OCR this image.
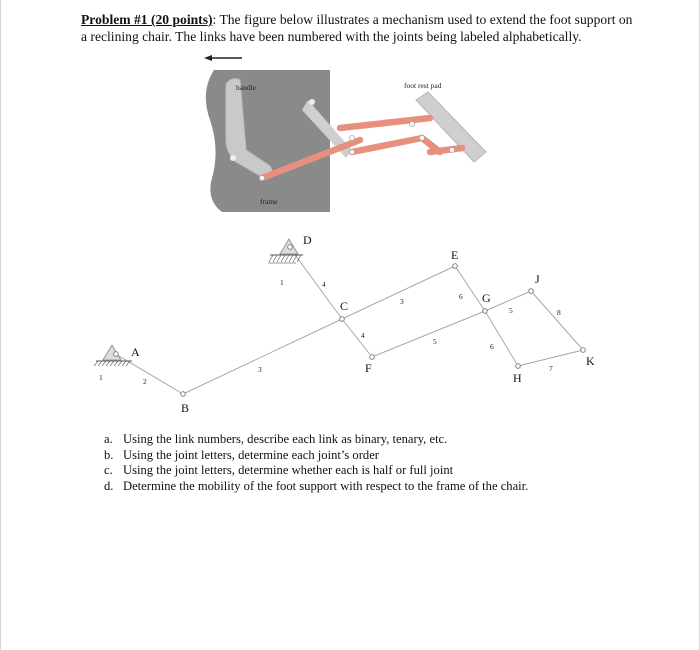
Problem #1 (20 points): The figure below illustrates a mechanism used to extend the foot support on a reclining chair. The links have been numbered with the joints being labeled alphabetically.
handle	foot rest pad
frame
A
B
C
D
E
F
G
H
J
K
1	2
3
1	4
3
4
5
6
6
5
7
8
a. Using the link numbers, describe each link as binary, tenary, etc.
b. Using the joint letters, determine each joint’s order
c. Using the joint letters, determine whether each is half or full joint
d. Determine the mobility of the foot support with respect to the frame of the chair.
